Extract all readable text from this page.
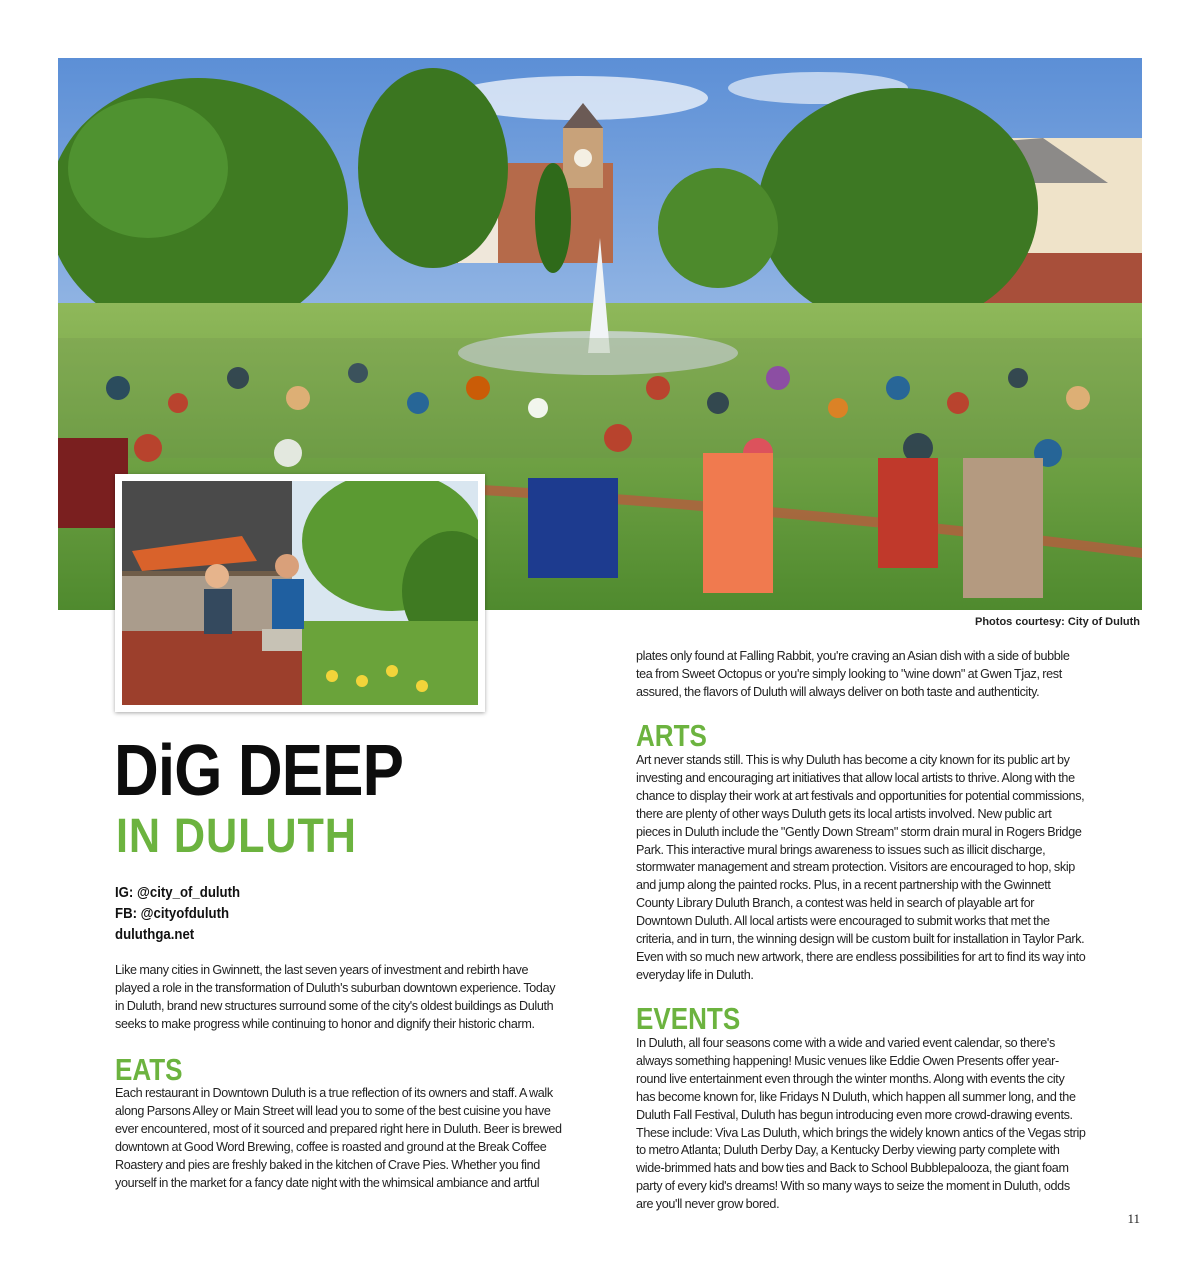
Photos courtesy: City of Duluth
DiG DEEP
IN DULUTH
IG: @city_of_duluth
FB: @cityofduluth
duluthga.net
Like many cities in Gwinnett, the last seven years of investment and rebirth have played a role in the transformation of Duluth's suburban downtown experience. Today in Duluth, brand new structures surround some of the city's oldest buildings as Duluth seeks to make progress while continuing to honor and dignify their historic charm.
EATS
Each restaurant in Downtown Duluth is a true reflection of its owners and staff. A walk along Parsons Alley or Main Street will lead you to some of the best cuisine you have ever encountered, most of it sourced and prepared right here in Duluth. Beer is brewed downtown at Good Word Brewing, coffee is roasted and ground at the Break Coffee Roastery and pies are freshly baked in the kitchen of Crave Pies. Whether you find yourself in the market for a fancy date night with the whimsical ambiance and artful
plates only found at Falling Rabbit, you're craving an Asian dish with a side of bubble tea from Sweet Octopus or you're simply looking to "wine down" at Gwen Tjaz, rest assured, the flavors of Duluth will always deliver on both taste and authenticity.
ARTS
Art never stands still. This is why Duluth has become a city known for its public art by investing and encouraging art initiatives that allow local artists to thrive. Along with the chance to display their work at art festivals and opportunities for potential commissions, there are plenty of other ways Duluth gets its local artists involved. New public art pieces in Duluth include the "Gently Down Stream" storm drain mural in Rogers Bridge Park. This interactive mural brings awareness to issues such as illicit discharge, stormwater management and stream protection. Visitors are encouraged to hop, skip and jump along the painted rocks. Plus, in a recent partnership with the Gwinnett County Library Duluth Branch, a contest was held in search of playable art for Downtown Duluth. All local artists were encouraged to submit works that met the criteria, and in turn, the winning design will be custom built for installation in Taylor Park. Even with so much new artwork, there are endless possibilities for art to find its way into everyday life in Duluth.
EVENTS
In Duluth, all four seasons come with a wide and varied event calendar, so there's always something happening! Music venues like Eddie Owen Presents offer year-round live entertainment even through the winter months. Along with events the city has become known for, like Fridays N Duluth, which happen all summer long, and the Duluth Fall Festival, Duluth has begun introducing even more crowd-drawing events. These include: Viva Las Duluth, which brings the widely known antics of the Vegas strip to metro Atlanta; Duluth Derby Day, a Kentucky Derby viewing party complete with wide-brimmed hats and bow ties and Back to School Bubblepalooza, the giant foam party of every kid's dreams! With so many ways to seize the moment in Duluth, odds are you'll never grow bored.
11
